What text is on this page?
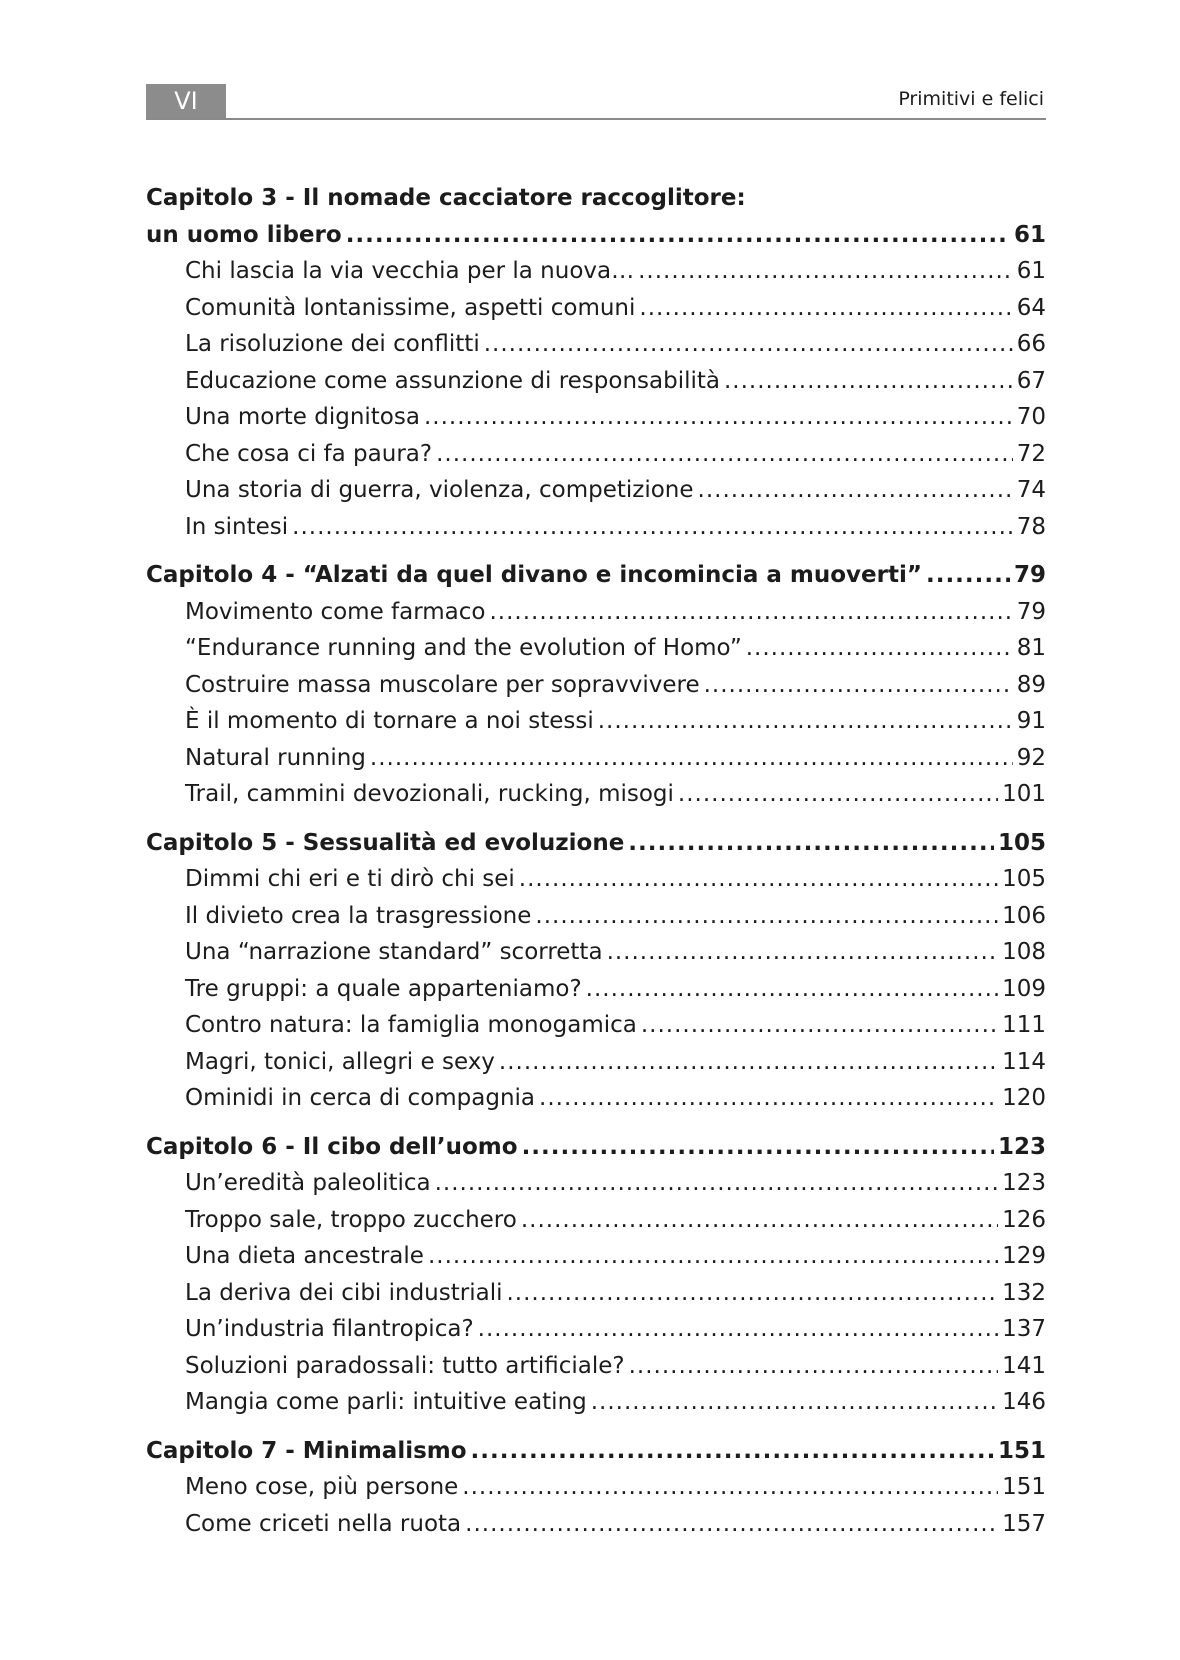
VI	Primitivi e felici
Capitolo 3 - Il nomade cacciatore raccoglitore:
un uomo libero .....	61
Chi lascia la via vecchia per la nuova… .....	61
Comunità lontanissime, aspetti comuni .....	64
La risoluzione dei conflitti .....	66
Educazione come assunzione di responsabilità .....	67
Una morte dignitosa .....	70
Che cosa ci fa paura? .....	72
Una storia di guerra, violenza, competizione .....	74
In sintesi .....	78
Capitolo 4 - “Alzati da quel divano e incomincia a muoverti” .....	79
Movimento come farmaco .....	79
“Endurance running and the evolution of Homo” .....	81
Costruire massa muscolare per sopravvivere .....	89
È il momento di tornare a noi stessi .....	91
Natural running .....	92
Trail, cammini devozionali, rucking, misogi .....	101
Capitolo 5 - Sessualità ed evoluzione .....	105
Dimmi chi eri e ti dirò chi sei .....	105
Il divieto crea la trasgressione .....	106
Una “narrazione standard” scorretta .....	108
Tre gruppi: a quale apparteniamo? .....	109
Contro natura: la famiglia monogamica .....	111
Magri, tonici, allegri e sexy .....	114
Ominidi in cerca di compagnia .....	120
Capitolo 6 - Il cibo dell’uomo .....	123
Un’eredità paleolitica .....	123
Troppo sale, troppo zucchero .....	126
Una dieta ancestrale .....	129
La deriva dei cibi industriali .....	132
Un’industria filantropica? .....	137
Soluzioni paradossali: tutto artificiale? .....	141
Mangia come parli: intuitive eating .....	146
Capitolo 7 - Minimalismo .....	151
Meno cose, più persone .....	151
Come criceti nella ruota .....	157
